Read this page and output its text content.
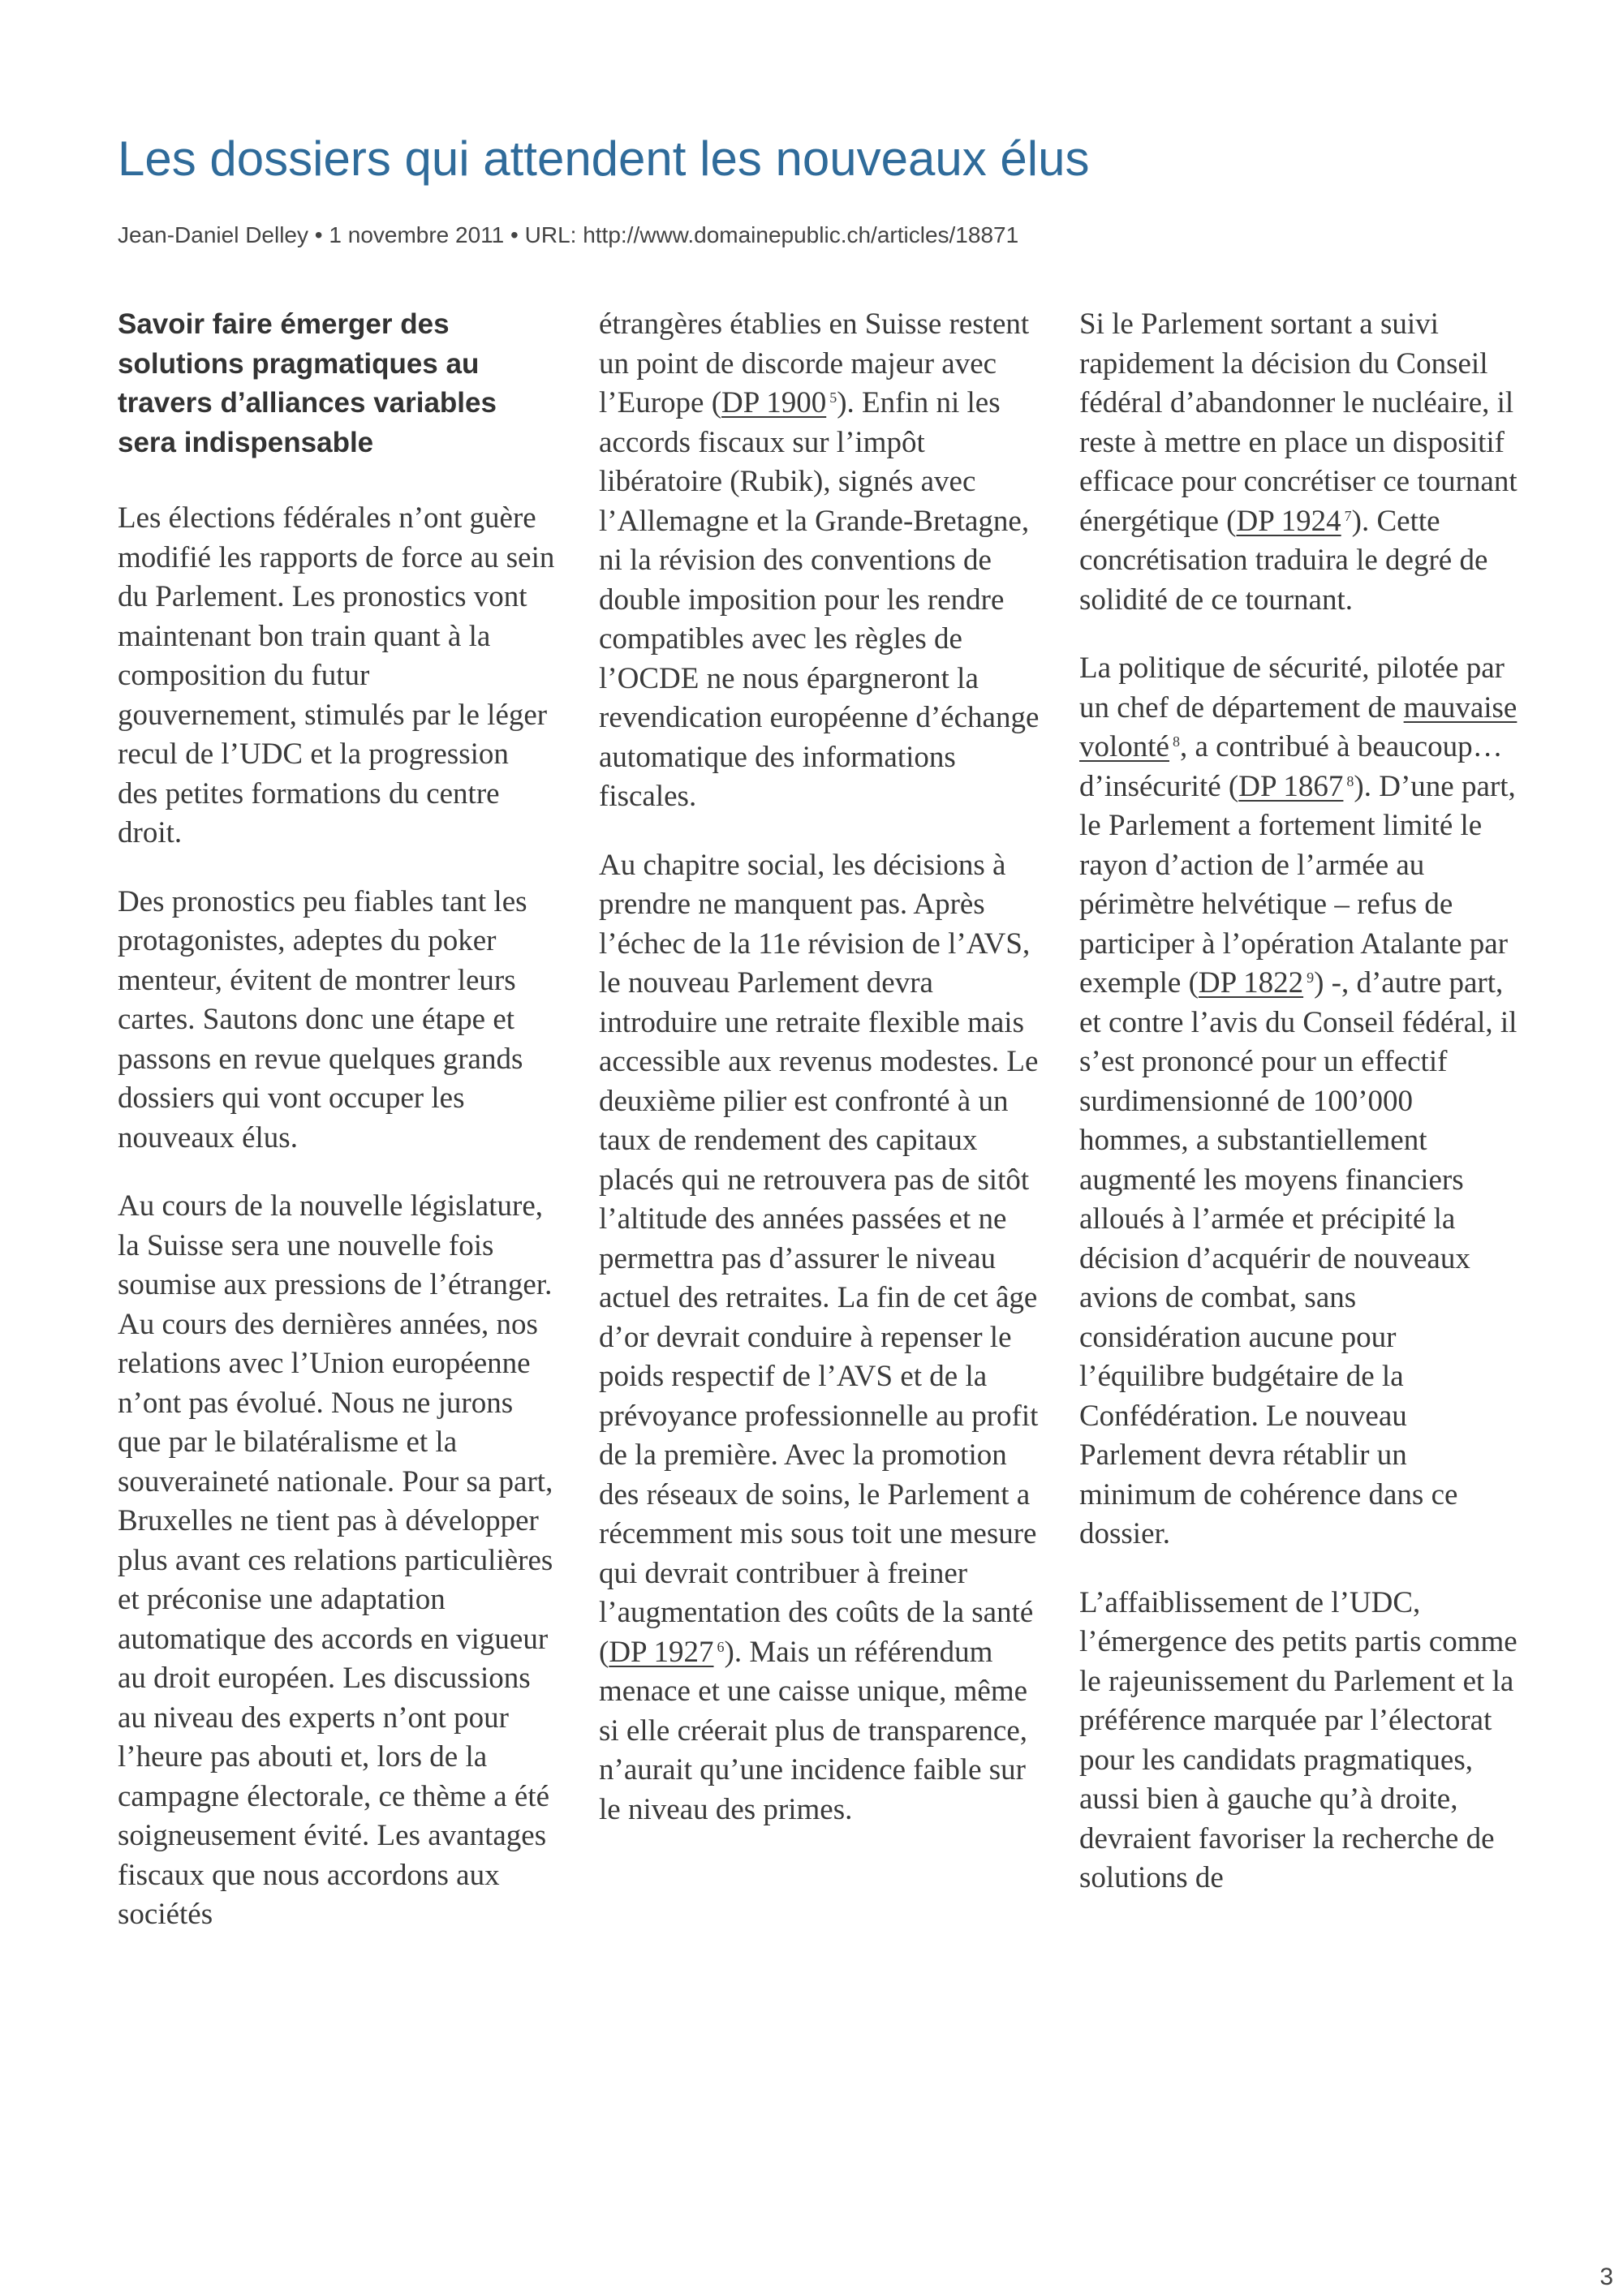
Les dossiers qui attendent les nouveaux élus
Jean-Daniel Delley • 1 novembre 2011 • URL: http://www.domainepublic.ch/articles/18871

Savoir faire émerger des solutions pragmatiques au travers d’alliances variables sera indispensable

Les élections fédérales n’ont guère modifié les rapports de force au sein du Parlement. Les pronostics vont maintenant bon train quant à la composition du futur gouvernement, stimulés par le léger recul de l’UDC et la progression des petites formations du centre droit.

Des pronostics peu fiables tant les protagonistes, adeptes du poker menteur, évitent de montrer leurs cartes. Sautons donc une étape et passons en revue quelques grands dossiers qui vont occuper les nouveaux élus.

Au cours de la nouvelle législature, la Suisse sera une nouvelle fois soumise aux pressions de l’étranger. Au cours des dernières années, nos relations avec l’Union européenne n’ont pas évolué. Nous ne jurons que par le bilatéralisme et la souveraineté nationale. Pour sa part, Bruxelles ne tient pas à développer plus avant ces relations particulières et préconise une adaptation automatique des accords en vigueur au droit européen. Les discussions au niveau des experts n’ont pour l’heure pas abouti et, lors de la campagne électorale, ce thème a été soigneusement évité. Les avantages fiscaux que nous accordons aux sociétés

étrangères établies en Suisse restent un point de discorde majeur avec l’Europe (DP 1900 $^5$). Enfin ni les accords fiscaux sur l’impôt libératoire (Rubik), signés avec l’Allemagne et la Grande-Bretagne, ni la révision des conventions de double imposition pour les rendre compatibles avec les règles de l’OCDE ne nous épargneront la revendication européenne d’échange automatique des informations fiscales.

Au chapitre social, les décisions à prendre ne manquent pas. Après l’échec de la 11e révision de l’AVS, le nouveau Parlement devra introduire une retraite flexible mais accessible aux revenus modestes. Le deuxième pilier est confronté à un taux de rendement des capitaux placés qui ne retrouvera pas de sitôt l’altitude des années passées et ne permettra pas d’assurer le niveau actuel des retraites. La fin de cet âge d’or devrait conduire à repenser le poids respectif de l’AVS et de la prévoyance professionnelle au profit de la première. Avec la promotion des réseaux de soins, le Parlement a récemment mis sous toit une mesure qui devrait contribuer à freiner l’augmentation des coûts de la santé (DP 1927 $^6$). Mais un référendum menace et une caisse unique, même si elle créerait plus de transparence, n’aurait qu’une incidence faible sur le niveau des primes.

Si le Parlement sortant a suivi rapidement la décision du Conseil fédéral d’abandonner le nucléaire, il reste à mettre en place un dispositif efficace pour concrétiser ce tournant énergétique (DP 1924 $^7$). Cette concrétisation traduira le degré de solidité de ce tournant.

La politique de sécurité, pilotée par un chef de département de mauvaise volonté $^8$, a contribué à beaucoup… d’insécurité (DP 1867 $^8$). D’une part, le Parlement a fortement limité le rayon d’action de l’armée au périmètre helvétique – refus de participer à l’opération Atalante par exemple (DP 1822 $^9$) -, d’autre part, et contre l’avis du Conseil fédéral, il s’est prononcé pour un effectif surdimensionné de 100’000 hommes, a substantiellement augmenté les moyens financiers alloués à l’armée et précipité la décision d’acquérir de nouveaux avions de combat, sans considération aucune pour l’équilibre budgétaire de la Confédération. Le nouveau Parlement devra rétablir un minimum de cohérence dans ce dossier.

L’affaiblissement de l’UDC, l’émergence des petits partis comme le rajeunissement du Parlement et la préférence marquée par l’électorat pour les candidats pragmatiques, aussi bien à gauche qu’à droite, devraient favoriser la recherche de solutions de

3
